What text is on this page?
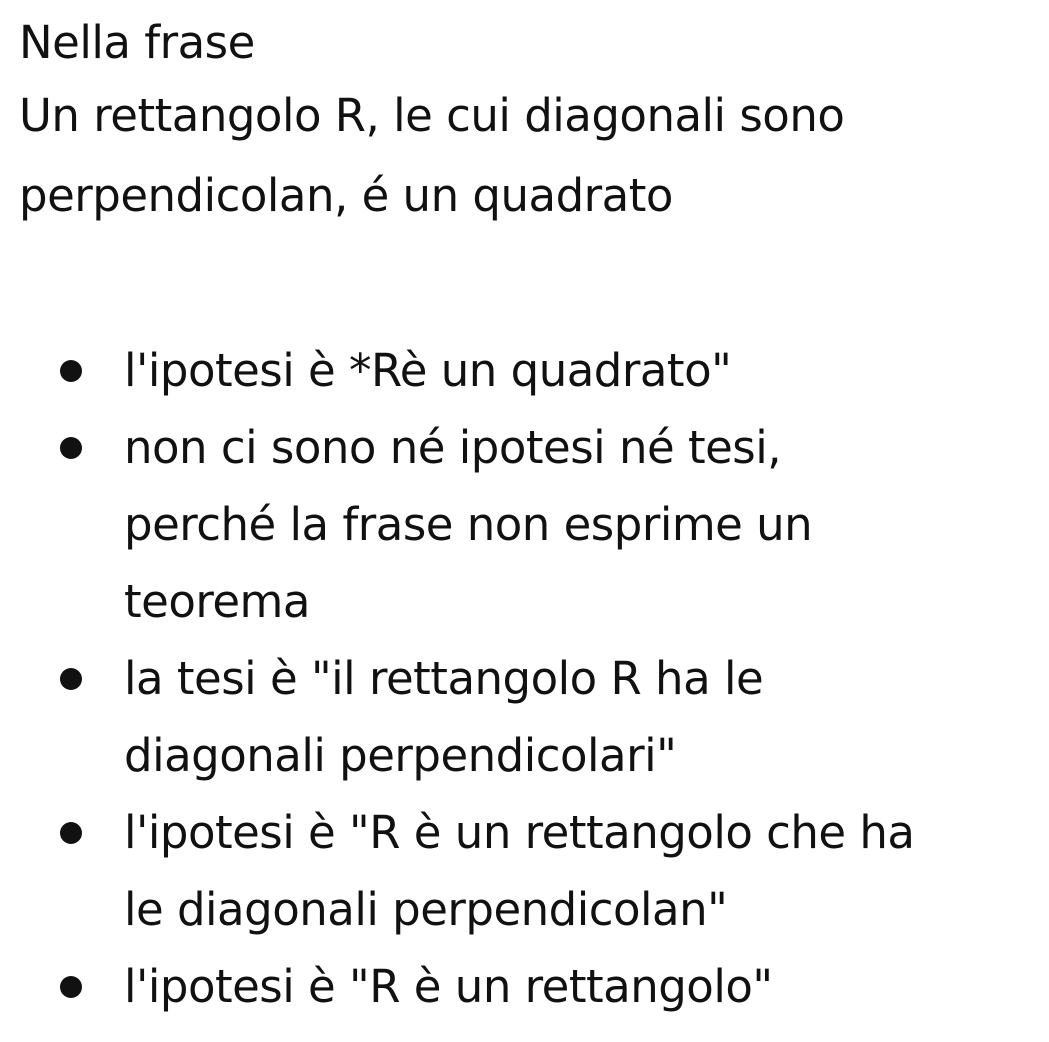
Nella frase
Un rettangolo R, le cui diagonali sono
perpendicolan, é un quadrato
l'ipotesi è *Rè un quadrato"
non ci sono né ipotesi né tesi,
perché la frase non esprime un
teorema
la tesi è "il rettangolo R ha le
diagonali perpendicolari"
l'ipotesi è "R è un rettangolo che ha
le diagonali perpendicolan"
l'ipotesi è "R è un rettangolo"
